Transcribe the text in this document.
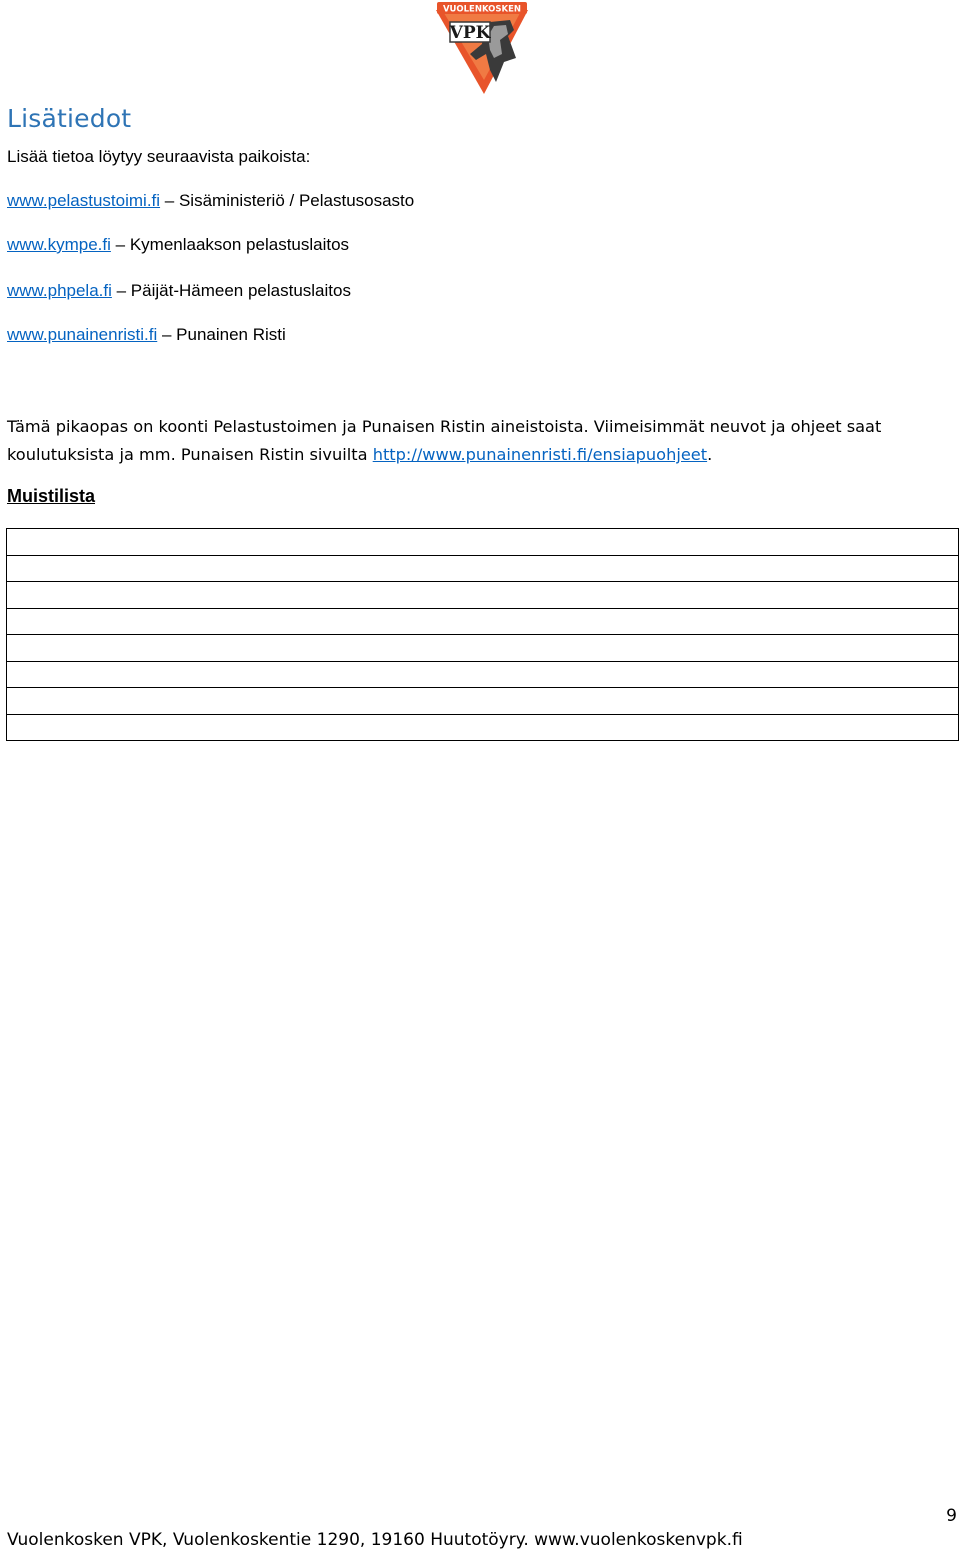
VUOLENKOSKEN
VPK
Lisätiedot
Lisää tietoa löytyy seuraavista paikoista:
www.pelastustoimi.fi – Sisäministeriö / Pelastusosasto
www.kympe.fi – Kymenlaakson pelastuslaitos
www.phpela.fi – Päijät-Hämeen pelastuslaitos
www.punainenristi.fi – Punainen Risti
Tämä pikaopas on koonti Pelastustoimen ja Punaisen Ristin aineistoista. Viimeisimmät neuvot ja ohjeet saat koulutuksista ja mm. Punaisen Ristin sivuilta http://www.punainenristi.fi/ensiapuohjeet.
Muistilista

9
Vuolenkosken VPK, Vuolenkoskentie 1290, 19160 Huutotöyry. www.vuolenkoskenvpk.fi
